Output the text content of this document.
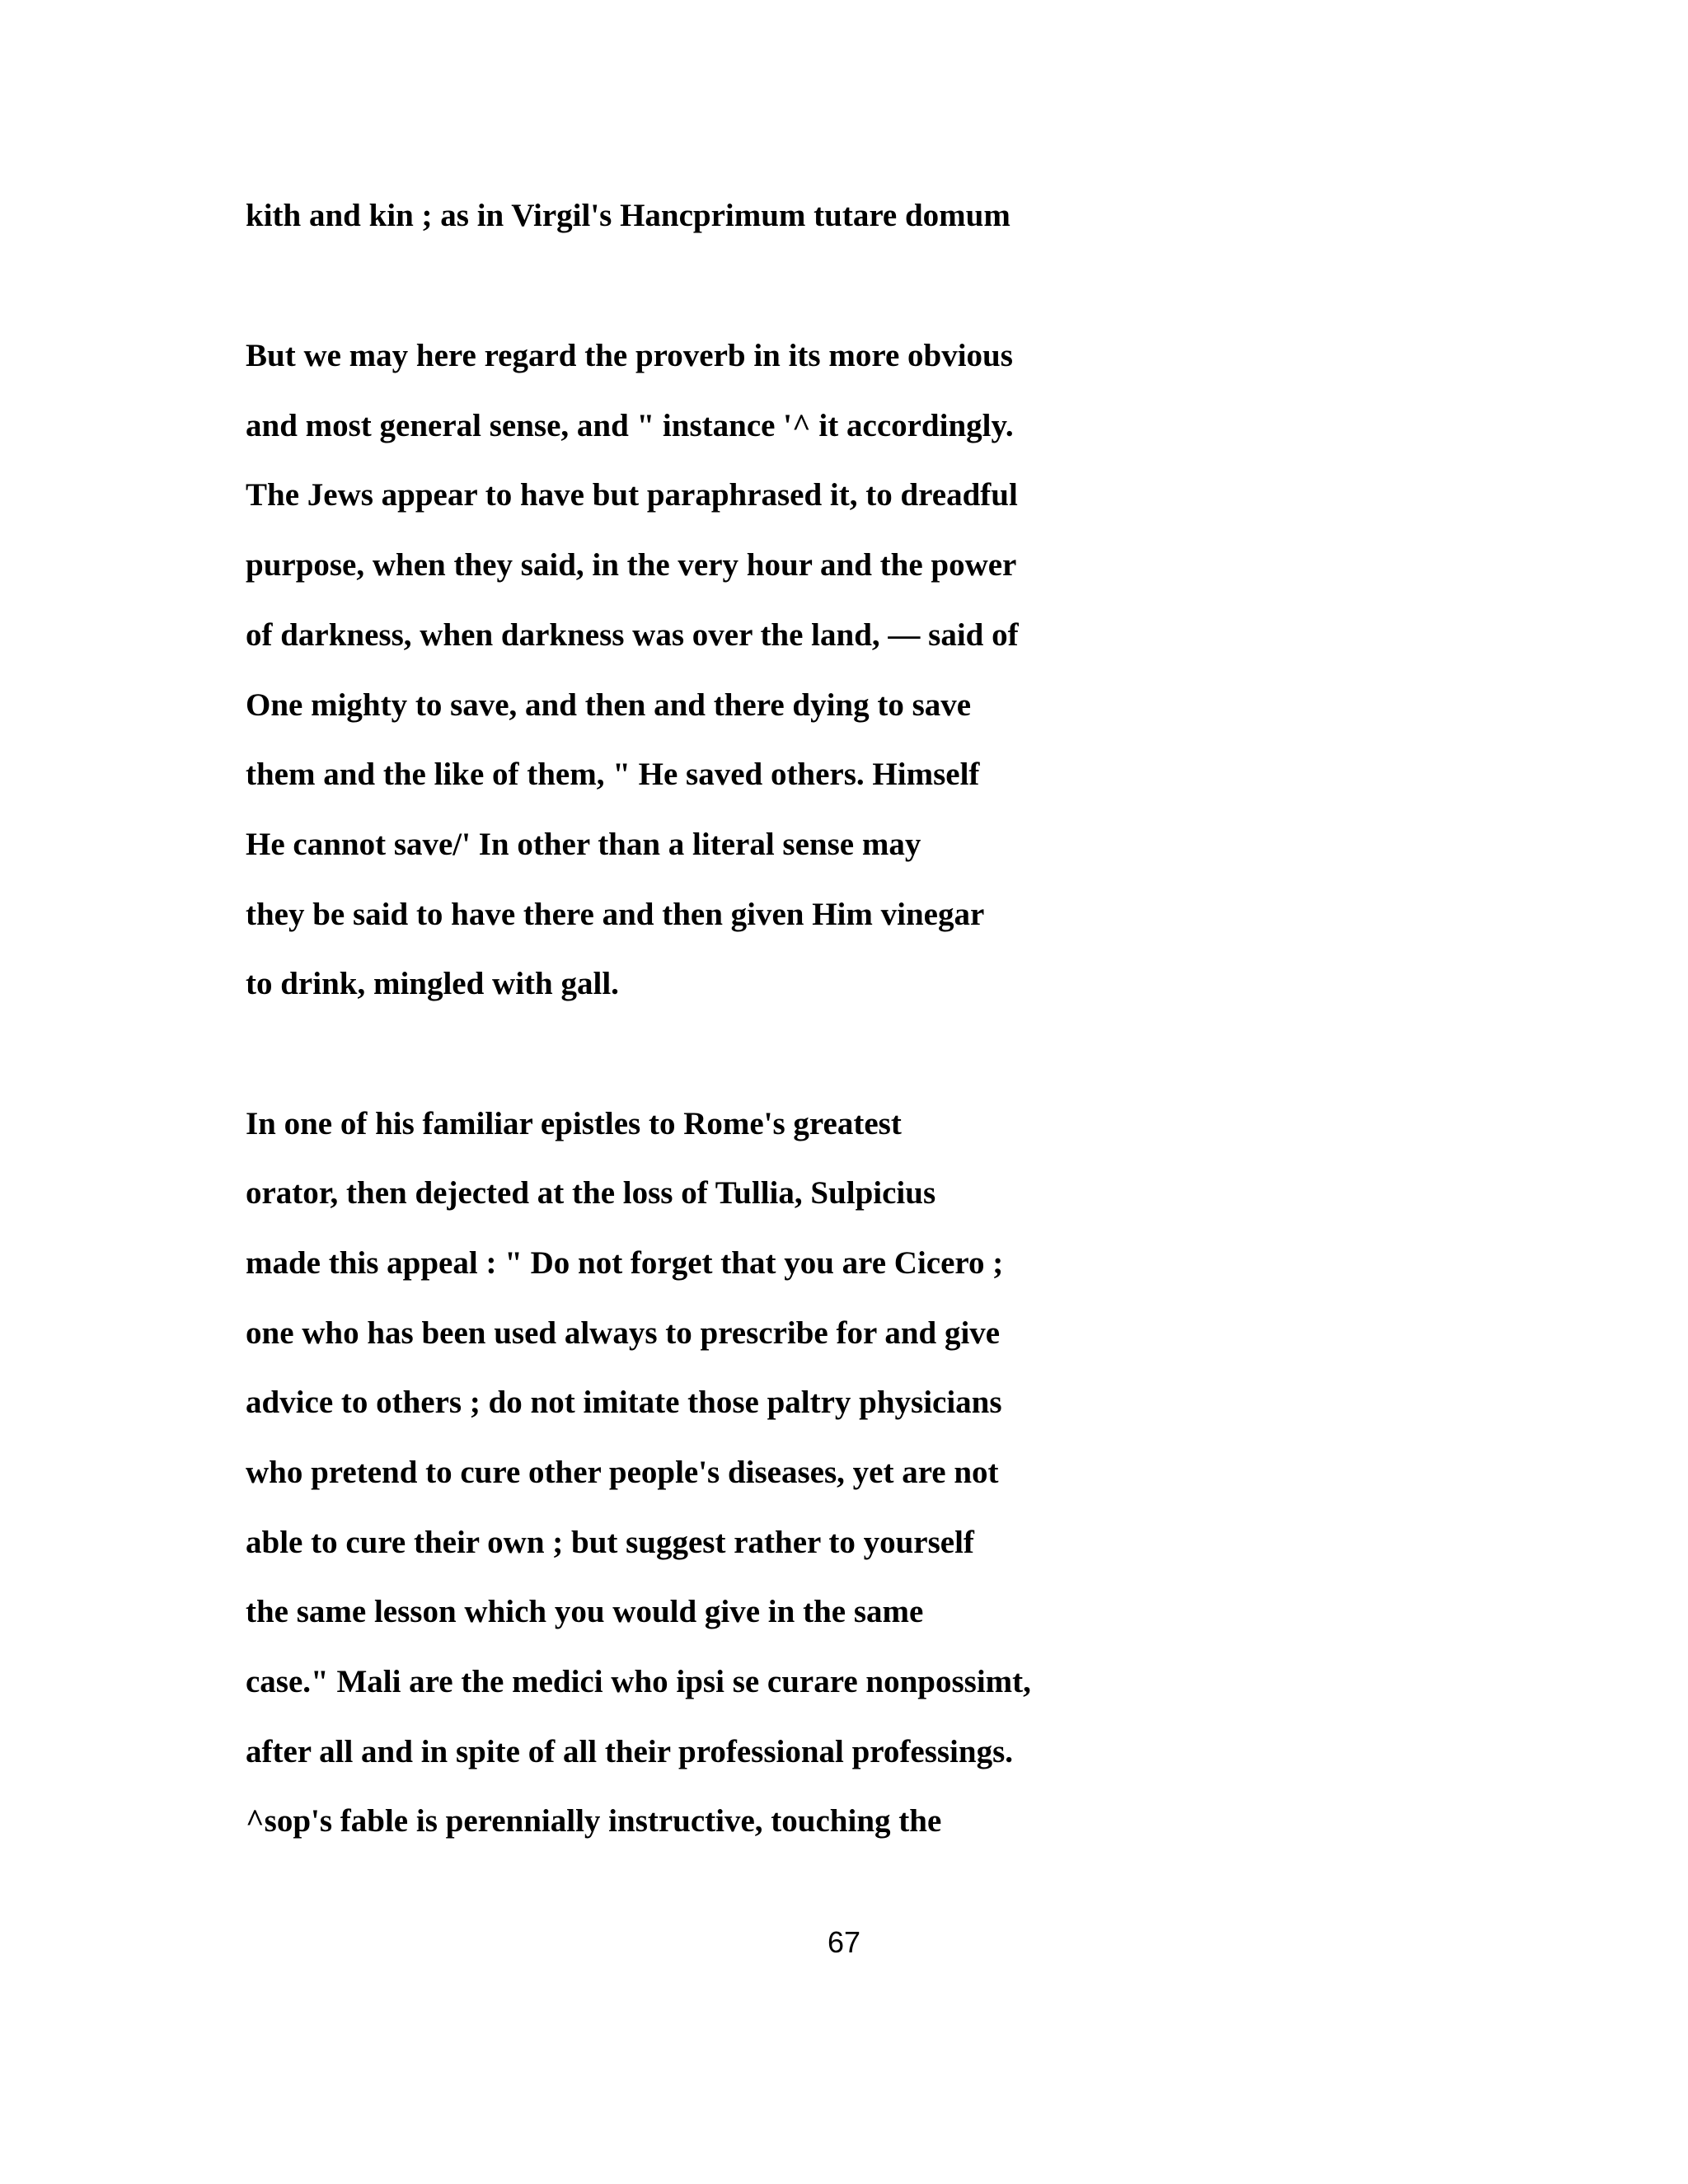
kith and kin ; as in Virgil's Hancprimum tutare domum

But we may here regard the proverb in its more obvious

and most general sense, and " instance '^ it accordingly.

The Jews appear to have but paraphrased it, to dreadful

purpose, when they said, in the very hour and the power

of darkness, when darkness was over the land, — said of

One mighty to save, and then and there dying to save

them and the like of them, " He saved others. Himself

He cannot save/' In other than a literal sense may

they be said to have there and then given Him vinegar

to drink, mingled with gall.

In one of his familiar epistles to Rome's greatest

orator, then dejected at the loss of Tullia, Sulpicius

made this appeal : " Do not forget that you are Cicero ;

one who has been used always to prescribe for and give

advice to others ; do not imitate those paltry physicians

who pretend to cure other people's diseases, yet are not

able to cure their own ; but suggest rather to yourself

the same lesson which you would give in the same

case." Mali are the medici who ipsi se curare nonpossimt,

after all and in spite of all their professional professings.

^sop's fable is perennially instructive, touching the

67
